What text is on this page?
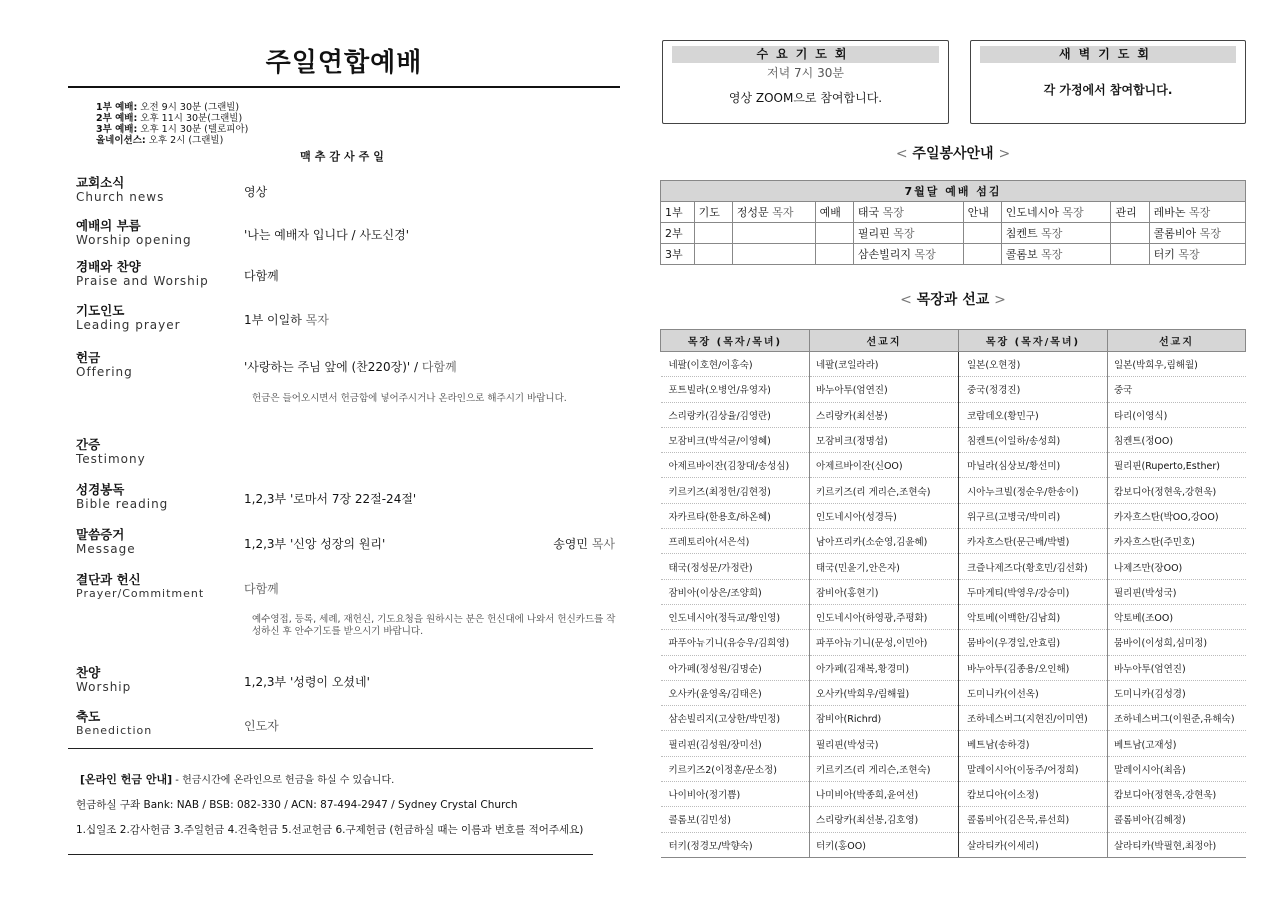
주일연합예배
1부 예배: 오전 9시 30분 (그랜빌)
2부 예배: 오후 11시 30분(그랜빌)
3부 예배: 오후 1시 30분 (텔로피아)
올네이션스: 오후 2시 (그랜빌)
맥추감사주일
교회소식
Church news	영상
예배의 부름
Worship opening	'나는 예배자 입니다 / 사도신경'
경배와 찬양
Praise and Worship	다함께
기도인도
Leading prayer	1부 이일하 목자
헌금
Offering	'사랑하는 주님 앞에 (찬220장)' / 다함께
헌금은 들어오시면서 헌금함에 넣어주시거나 온라인으로 해주시기 바랍니다.
간증
Testimony
성경봉독
Bible reading	1,2,3부 '로마서 7장 22절-24절'
말씀증거
Message	1,2,3부 '신앙 성장의 원리'	송영민 목사
결단과 헌신
Prayer/Commitment	다함께
예수영접, 등록, 세례, 재헌신, 기도요청을 원하시는 분은 헌신대에 나와서 헌신카드를 작성하신 후 안수기도를 받으시기 바랍니다.
찬양
Worship	1,2,3부 '성령이 오셨네'
축도
Benediction	인도자
[온라인 헌금 안내] - 헌금시간에 온라인으로 헌금을 하실 수 있습니다.
헌금하실 구좌 Bank: NAB / BSB: 082-330 / ACN: 87-494-2947 / Sydney Crystal Church
1.십일조 2.감사헌금 3.주일헌금 4.건축헌금 5.선교헌금 6.구제헌금 (헌금하실 때는 이름과 번호를 적어주세요)
수요기도회
저녁 7시 30분
영상 ZOOM으로 참여합니다.
새벽기도회
각 가정에서 참여합니다.
< 주일봉사안내 >
7월달 예배 섬김								
1부	기도	정성문 목자	예배	태국 목장	안내	인도네시아 목장	관리	레바논 목장
2부				필리핀 목장		침켄트 목장		콜롬비아 목장
3부				삼손빌리지 목장		콜롬보 목장		터키 목장
< 목장과 선교 >
목장 (목자/목녀)	선교지	목장 (목자/목녀)	선교지
네팔(이호현/이홍숙)	네팔(코일라라)	일본(오현정)	일본(박희우,림해월)
포트빌라(오병언/유영자)	바누아투(엄연진)	중국(정경진)	중국
스리랑카(김상율/김영란)	스리랑카(최선봉)	코람데오(황민구)	타리(이영식)
모잠비크(박석균/이영혜)	모잠비크(정명섭)	침켄트(이일하/송성희)	침켄트(정OO)
아제르바이잔(김창대/송성심)	아제르바이잔(신OO)	마닐라(심상보/황선미)	필리핀(Ruperto,Esther)
키르키즈(최정헌/김현정)	키르키즈(리 게리슨,조현숙)	시아누크빌(정순우/한송이)	캄보디아(정현욱,강현욱)
자카르타(한용호/하온혜)	인도네시아(성경득)	위구르(고병국/박미리)	카자흐스탄(박OO,강OO)
프레토리아(서은석)	남아프리카(소순영,김윤혜)	카자흐스탄(문근배/박별)	카자흐스탄(주민호)
태국(정성문/가정란)	태국(민윤기,안은자)	크즐나제즈다(황호민/김선화)	나제즈만(장OO)
잠비아(이상은/조양희)	잠비아(홍현기)	두마게티(박영우/강승미)	필리핀(박성국)
인도네시아(정득교/황인영)	인도네시아(하영광,주평화)	악토베(이백한/김남희)	악토베(조OO)
파푸아뉴기니(유승우/김희영)	파푸아뉴기니(문성,이민아)	뭄바이(우경일,안효림)	뭄바이(이성희,심미정)
아가페(정성원/김명순)	아가페(김재복,황경미)	바누아투(김종용/오인해)	바누아투(엄연진)
오사카(윤영옥/김태은)	오사카(박희우/림해월)	도미니카(이선옥)	도미니카(김성경)
삼손빌리지(고상한/박민정)	잠비아(Richrd)	조하네스버그(지현진/이미연)	조하네스버그(이원준,유해숙)
필리핀(김성원/장미선)	필리핀(박성국)	베트남(송하경)	베트남(고재성)
키르키즈2(이정훈/문소정)	키르키즈(리 게리슨,조현숙)	말레이시아(이동주/어정희)	말레이시아(최음)
나이비아(정기쁨)	나미비아(박종희,윤여선)	캄보디아(이소정)	캄보디아(정현욱,강현욱)
콜롬보(김민성)	스리랑카(최선봉,김호영)	콜롬비아(김은묵,류선희)	콜롬비아(김혜정)
터키(정경모/박향숙)	터키(홍OO)	살라티카(이세리)	살라티카(박필현,최정아)
